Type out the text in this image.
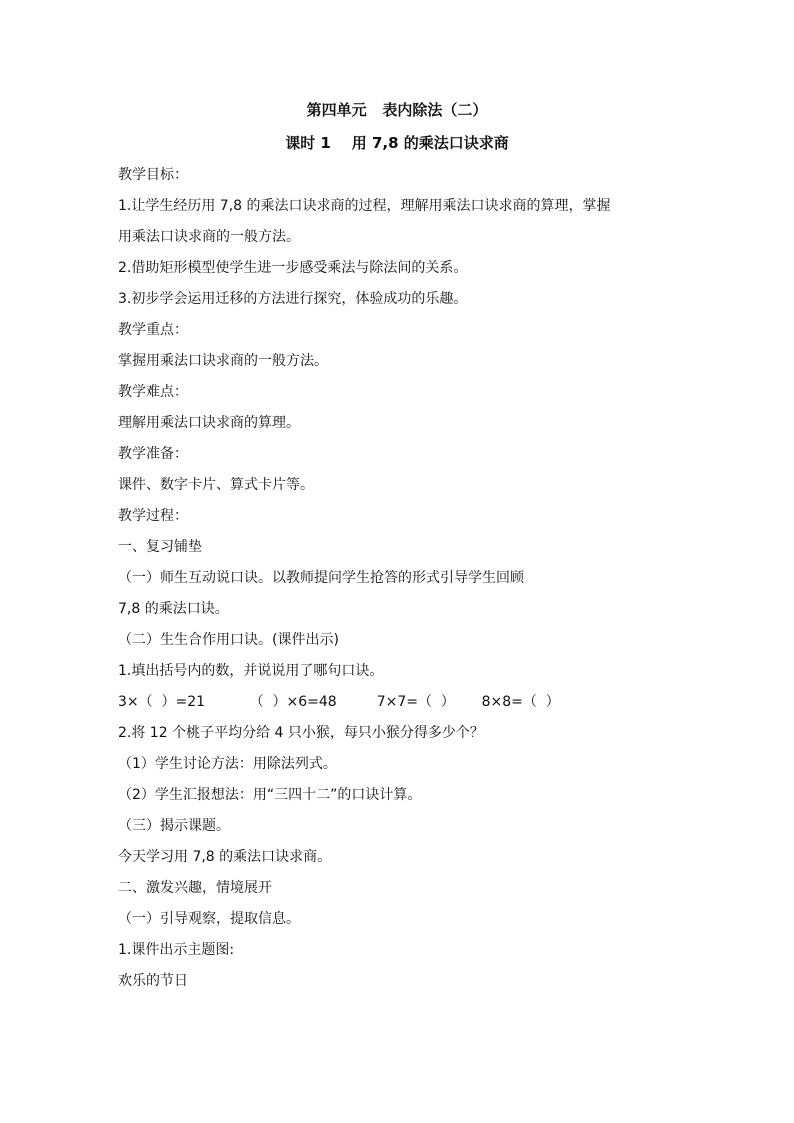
第四单元   表内除法（二）
课时 1    用 7,8 的乘法口诀求商
教学目标：
1.让学生经历用 7,8 的乘法口诀求商的过程，理解用乘法口诀求商的算理，掌握
用乘法口诀求商的一般方法。
2.借助矩形模型使学生进一步感受乘法与除法间的关系。
3.初步学会运用迁移的方法进行探究，体验成功的乐趣。
教学重点：
掌握用乘法口诀求商的一般方法。
教学难点：
理解用乘法口诀求商的算理。
教学准备：
课件、数字卡片、算式卡片等。
教学过程：
一、复习铺垫
（一）师生互动说口诀。以教师提问学生抢答的形式引导学生回顾
7,8 的乘法口诀。
（二）生生合作用口诀。(课件出示)
1.填出括号内的数，并说说用了哪句口诀。
3×（  ）=21          （  ）×6=48         7×7=（  ）      8×8=（  ）
2.将 12 个桃子平均分给 4 只小猴，每只小猴分得多少个？
（1）学生讨论方法：用除法列式。
（2）学生汇报想法：用“三四十二”的口诀计算。
（三）揭示课题。
今天学习用 7,8 的乘法口诀求商。
二、激发兴趣，情境展开
（一）引导观察，提取信息。
1.课件出示主题图:
欢乐的节日
